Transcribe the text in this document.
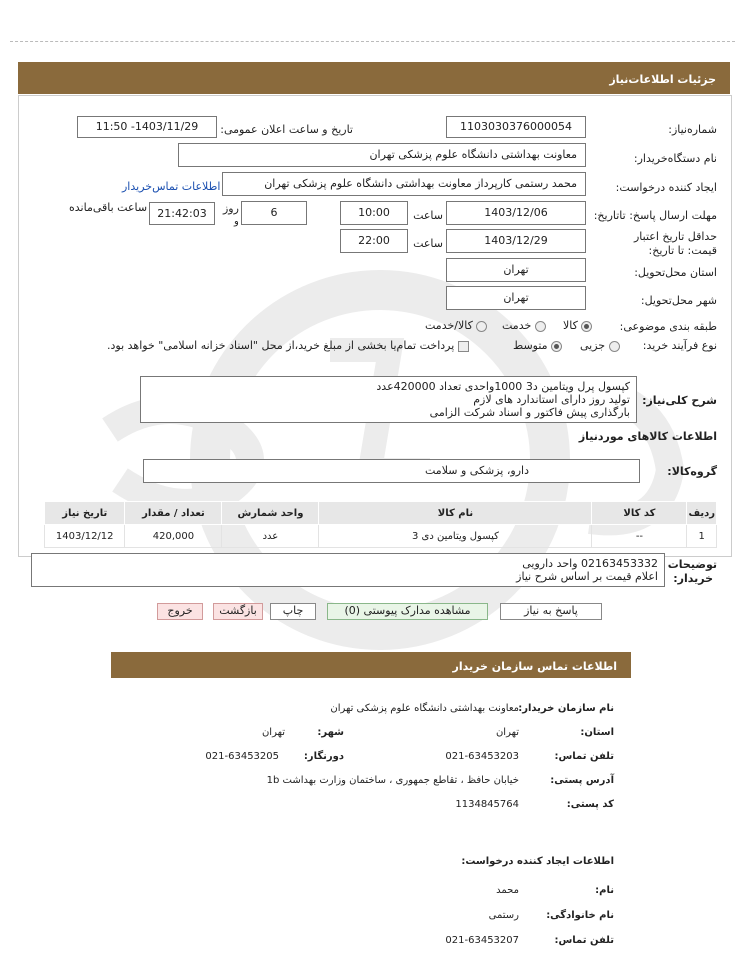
جزئیات اطلاعات‌نیاز
شماره‌نیاز:
1103030376000054
تاریخ و ساعت اعلان عمومی:
1403/11/29- 11:50
نام دستگاه‌خریدار:
معاونت بهداشتی دانشگاه علوم پزشکی تهران
ایجاد کننده درخواست:
محمد رستمی کارپرداز معاونت بهداشتی دانشگاه علوم پزشکی تهران
اطلاعات تماس‌خریدار
مهلت ارسال پاسخ: تاتاریخ:
1403/12/06
ساعت
10:00
6
روز
و
21:42:03
ساعت باقی‌مانده
حداقل تاریخ اعتبار قیمت: تا تاریخ:
1403/12/29
ساعت
22:00
استان محل‌تحویل:
تهران
شهر محل‌تحویل:
تهران
طبقه بندی موضوعی:
کالا
خدمت
کالا/خدمت
نوع فرآیند خرید:
جزیی
متوسط
پرداخت تمام‌یا بخشی از مبلغ خرید،از محل "اسناد خزانه اسلامی" خواهد بود.
شرح کلی‌نیاز:
کپسول پرل ویتامین د3 1000واحدی تعداد 420000عدد
تولید روز دارای استاندارد های لازم
بارگذاری پیش فاکتور و اسناد شرکت الزامی
اطلاعات کالاهای موردنیاز
گروه‌کالا:
دارو، پزشکی و سلامت
ردیف	کد کالا	نام کالا	واحد شمارش	تعداد / مقدار	تاریخ نیاز
1	--	کپسول ویتامین دی 3	عدد	420,000	1403/12/12
توضیحات
خریدار:
02163453332 واحد دارویی
اعلام قیمت بر اساس شرح نیاز
پاسخ به نیاز
مشاهده مدارک پیوستی (0)
چاپ
بازگشت
خروج
اطلاعات تماس سازمان خریدار
نام سازمان خریدار:
معاونت بهداشتی دانشگاه علوم پزشکی تهران
استان:
تهران
شهر:
تهران
تلفن تماس:
021-63453203
دورنگار:
021-63453205
آدرس پستی:
خیابان حافظ ، تقاطع جمهوری ، ساختمان وزارت بهداشت 1b
کد پستی:
1134845764
اطلاعات ایجاد کننده درخواست:
نام:
محمد
نام خانوادگی:
رستمی
تلفن تماس:
021-63453207
